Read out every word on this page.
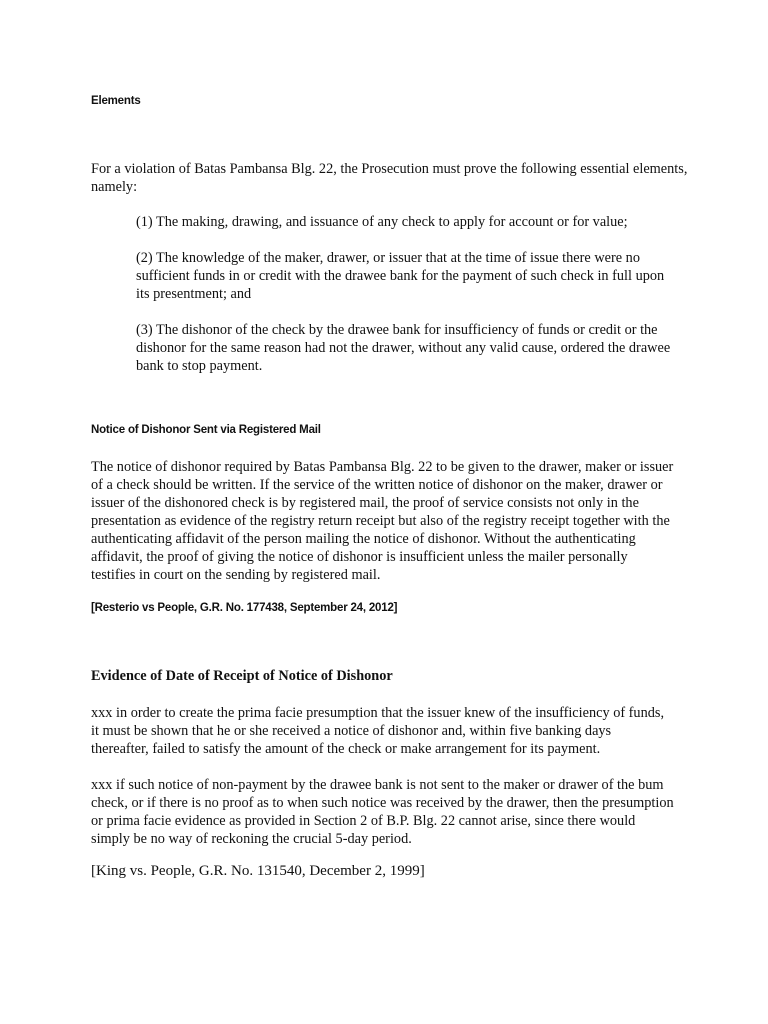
Elements

For a violation of Batas Pambansa Blg. 22, the Prosecution must prove the following essential elements, namely:

(1) The making, drawing, and issuance of any check to apply for account or for value;

(2) The knowledge of the maker, drawer, or issuer that at the time of issue there were no sufficient funds in or credit with the drawee bank for the payment of such check in full upon its presentment; and

(3) The dishonor of the check by the drawee bank for insufficiency of funds or credit or the dishonor for the same reason had not the drawer, without any valid cause, ordered the drawee bank to stop payment.

Notice of Dishonor Sent via Registered Mail

The notice of dishonor required by Batas Pambansa Blg. 22 to be given to the drawer, maker or issuer of a check should be written. If the service of the written notice of dishonor on the maker, drawer or issuer of the dishonored check is by registered mail, the proof of service consists not only in the presentation as evidence of the registry return receipt but also of the registry receipt together with the authenticating affidavit of the person mailing the notice of dishonor. Without the authenticating affidavit, the proof of giving the notice of dishonor is insufficient unless the mailer personally testifies in court on the sending by registered mail.

[Resterio vs People, G.R. No. 177438, September 24, 2012]

Evidence of Date of Receipt of Notice of Dishonor

xxx in order to create the prima facie presumption that the issuer knew of the insufficiency of funds, it must be shown that he or she received a notice of dishonor and, within five banking days thereafter, failed to satisfy the amount of the check or make arrangement for its payment.

xxx if such notice of non-payment by the drawee bank is not sent to the maker or drawer of the bum check, or if there is no proof as to when such notice was received by the drawer, then the presumption or prima facie evidence as provided in Section 2 of B.P. Blg. 22 cannot arise, since there would simply be no way of reckoning the crucial 5-day period.

[King vs. People, G.R. No. 131540, December 2, 1999]
